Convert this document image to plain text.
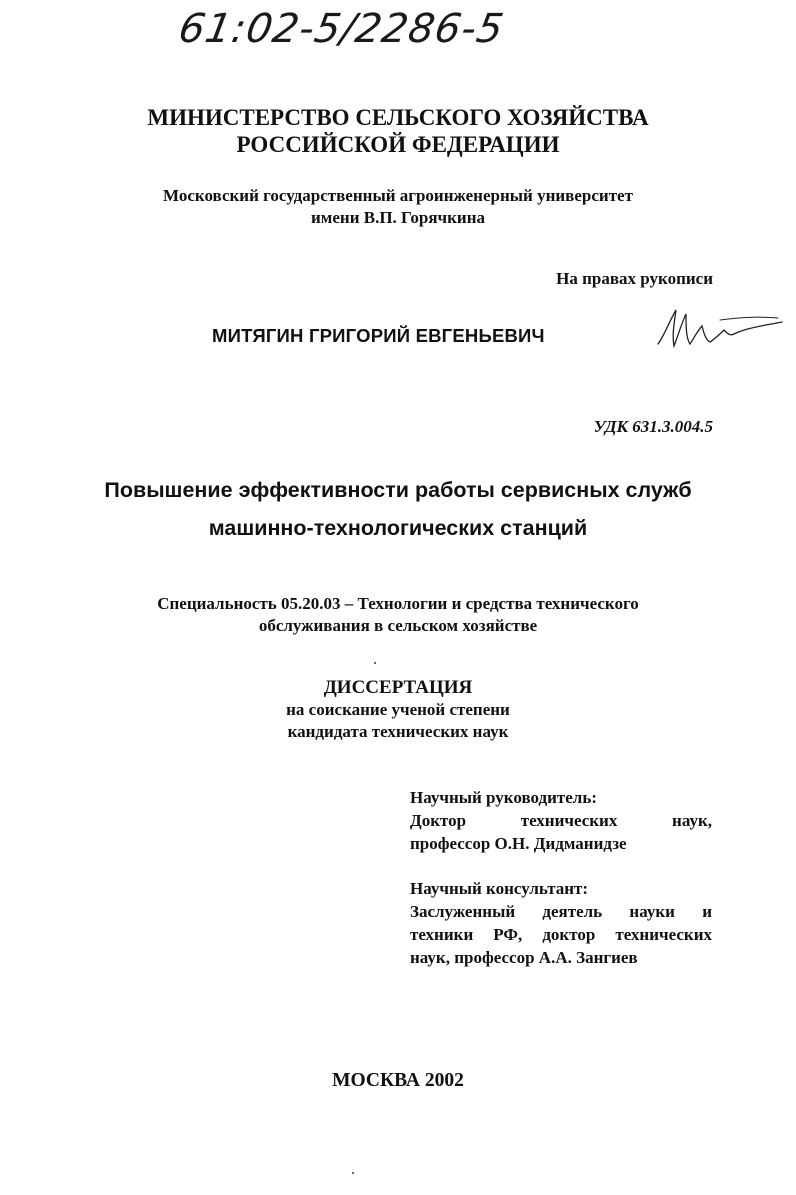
61:02-5/2286-5
МИНИСТЕРСТВО СЕЛЬСКОГО ХОЗЯЙСТВА
РОССИЙСКОЙ ФЕДЕРАЦИИ
Московский государственный агроинженерный университет
имени В.П. Горячкина
На правах рукописи
МИТЯГИН ГРИГОРИЙ ЕВГЕНЬЕВИЧ
УДК 631.3.004.5
Повышение эффективности работы сервисных служб
машинно-технологических станций
Специальность 05.20.03 – Технологии и средства технического
обслуживания в сельском хозяйстве
ДИССЕРТАЦИЯ
на соискание ученой степени
кандидата технических наук
Научный руководитель:
Доктор технических наук,
профессор О.Н. Дидманидзе
Научный консультант:
Заслуженный деятель науки и
техники РФ, доктор технических
наук, профессор А.А. Зангиев
МОСКВА 2002
